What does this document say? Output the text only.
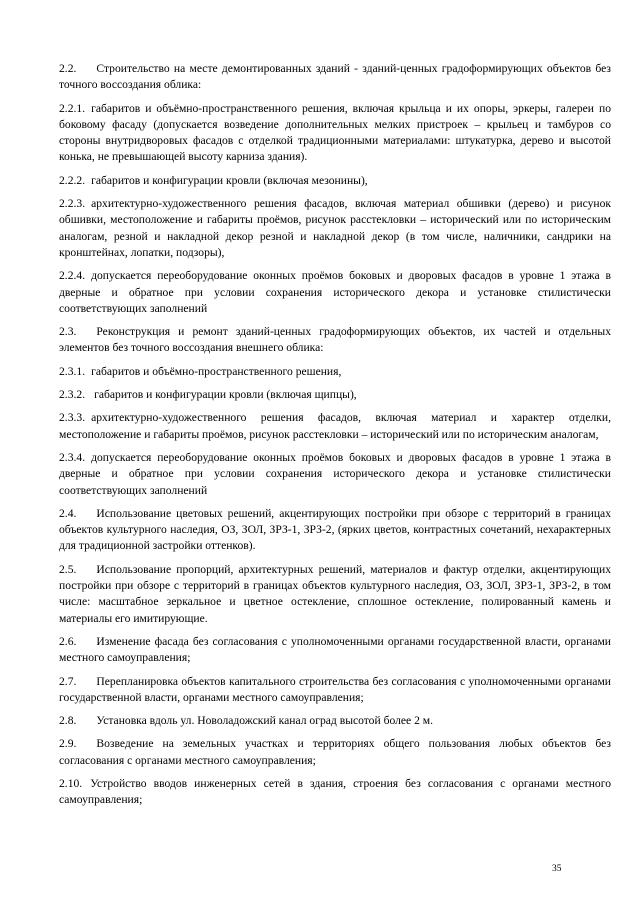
2.2. Строительство на месте демонтированных зданий - зданий-ценных градоформирующих объектов без точного воссоздания облика:

2.2.1. габаритов и объёмно-пространственного решения, включая крыльца и их опоры, эркеры, галереи по боковому фасаду (допускается возведение дополнительных мелких пристроек – крыльец и тамбуров со стороны внутридворовых фасадов с отделкой традиционными материалами: штукатурка, дерево и высотой конька, не превышающей высоту карниза здания).

2.2.2. габаритов и конфигурации кровли (включая мезонины),

2.2.3. архитектурно-художественного решения фасадов, включая материал обшивки (дерево) и рисунок обшивки, местоположение и габариты проёмов, рисунок расстекловки – исторический или по историческим аналогам, резной и накладной декор резной и накладной декор (в том числе, наличники, сандрики на кронштейнах, лопатки, подзоры),

2.2.4. допускается переоборудование оконных проёмов боковых и дворовых фасадов в уровне 1 этажа в дверные и обратное при условии сохранения исторического декора и установке стилистически соответствующих заполнений

2.3. Реконструкция и ремонт зданий-ценных градоформирующих объектов, их частей и отдельных элементов без точного воссоздания внешнего облика:

2.3.1. габаритов и объёмно-пространственного решения,

2.3.2. габаритов и конфигурации кровли (включая щипцы),

2.3.3. архитектурно-художественного решения фасадов, включая материал и характер отделки, местоположение и габариты проёмов, рисунок расстекловки – исторический или по историческим аналогам,

2.3.4. допускается переоборудование оконных проёмов боковых и дворовых фасадов в уровне 1 этажа в дверные и обратное при условии сохранения исторического декора и установке стилистически соответствующих заполнений

2.4. Использование цветовых решений, акцентирующих постройки при обзоре с территорий в границах объектов культурного наследия, ОЗ, ЗОЛ, ЗРЗ-1, ЗРЗ-2, (ярких цветов, контрастных сочетаний, нехарактерных для традиционной застройки оттенков).

2.5. Использование пропорций, архитектурных решений, материалов и фактур отделки, акцентирующих постройки при обзоре с территорий в границах объектов культурного наследия, ОЗ, ЗОЛ, ЗРЗ-1, ЗРЗ-2, в том числе: масштабное зеркальное и цветное остекление, сплошное остекление, полированный камень и материалы его имитирующие.

2.6. Изменение фасада без согласования с уполномоченными органами государственной власти, органами местного самоуправления;

2.7. Перепланировка объектов капитального строительства без согласования с уполномоченными органами государственной власти, органами местного самоуправления;

2.8. Установка вдоль ул. Новоладожский канал оград высотой более 2 м.

2.9. Возведение на земельных участках и территориях общего пользования любых объектов без согласования с органами местного самоуправления;

2.10. Устройство вводов инженерных сетей в здания, строения без согласования с органами местного самоуправления;

35
